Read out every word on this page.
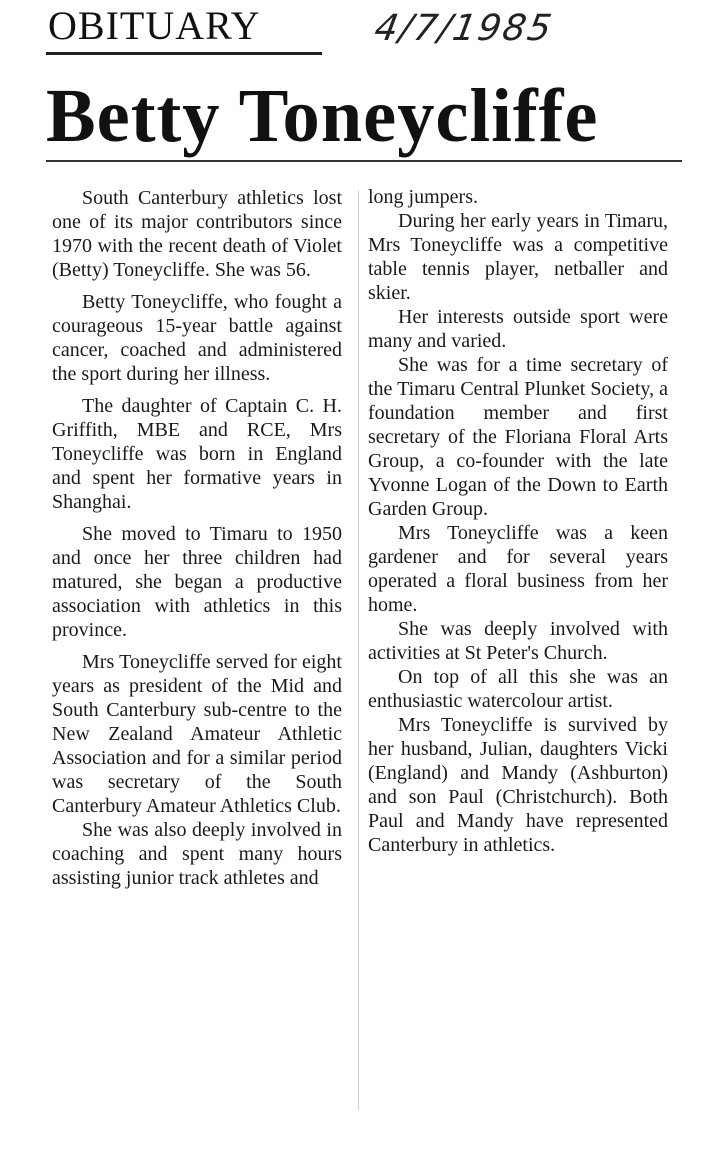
OBITUARY	4/7/1985
Betty Toneycliffe

South Canterbury athletics lost one of its major contributors since 1970 with the recent death of Violet (Betty) Toneycliffe. She was 56.

Betty Toneycliffe, who fought a courageous 15-year battle against cancer, coached and administered the sport during her illness.

The daughter of Captain C. H. Griffith, MBE and RCE, Mrs Toneycliffe was born in England and spent her formative years in Shanghai.

She moved to Timaru to 1950 and once her three children had matured, she began a productive association with athletics in this province.

Mrs Toneycliffe served for eight years as president of the Mid and South Canterbury sub-centre to the New Zealand Amateur Athletic Association and for a similar period was secretary of the South Canterbury Amateur Athletics Club.

She was also deeply involved in coaching and spent many hours assisting junior track athletes and

long jumpers.

During her early years in Timaru, Mrs Toneycliffe was a competitive table tennis player, netballer and skier.

Her interests outside sport were many and varied.

She was for a time secretary of the Timaru Central Plunket Society, a foundation member and first secretary of the Floriana Floral Arts Group, a co-founder with the late Yvonne Logan of the Down to Earth Garden Group.

Mrs Toneycliffe was a keen gardener and for several years operated a floral business from her home.

She was deeply involved with activities at St Peter's Church.

On top of all this she was an enthusiastic watercolour artist.

Mrs Toneycliffe is survived by her husband, Julian, daughters Vicki (England) and Mandy (Ashburton) and son Paul (Christchurch). Both Paul and Mandy have represented Canterbury in athletics.
